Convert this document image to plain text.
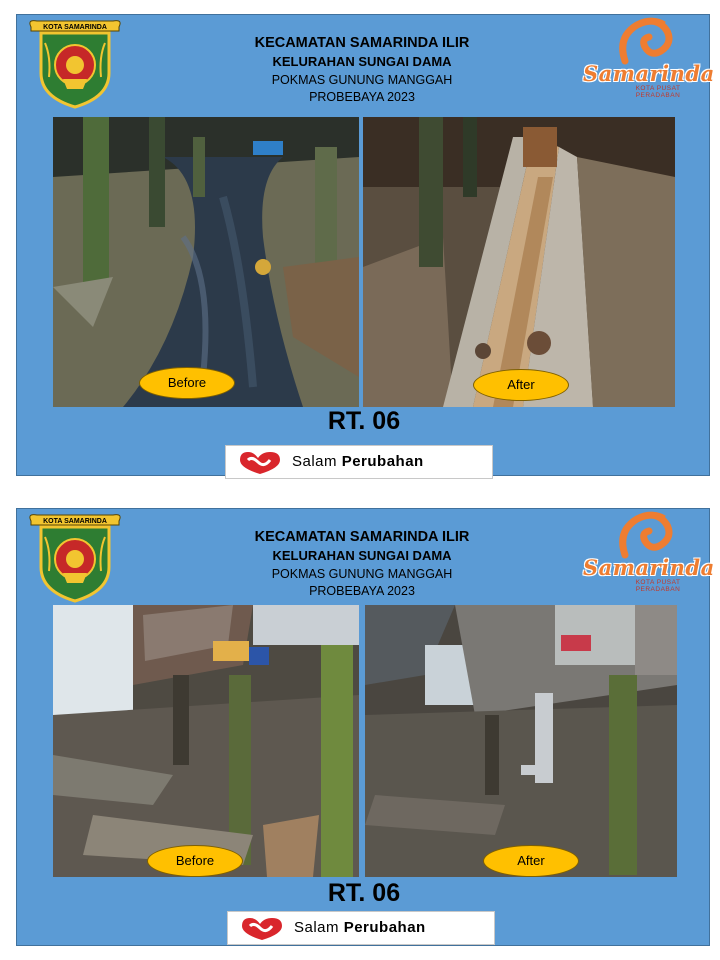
KOTA SAMARINDA
KECAMATAN SAMARINDA ILIR
KELURAHAN SUNGAI DAMA
POKMAS GUNUNG MANGGAH
PROBEBAYA 2023
Samarinda
KOTA PUSAT PERADABAN
Before	After
RT. 06
Salam Perubahan
KOTA SAMARINDA
KECAMATAN SAMARINDA ILIR
KELURAHAN SUNGAI DAMA
POKMAS GUNUNG MANGGAH
PROBEBAYA 2023
Samarinda
KOTA PUSAT PERADABAN
Before	After
RT. 06
Salam Perubahan
